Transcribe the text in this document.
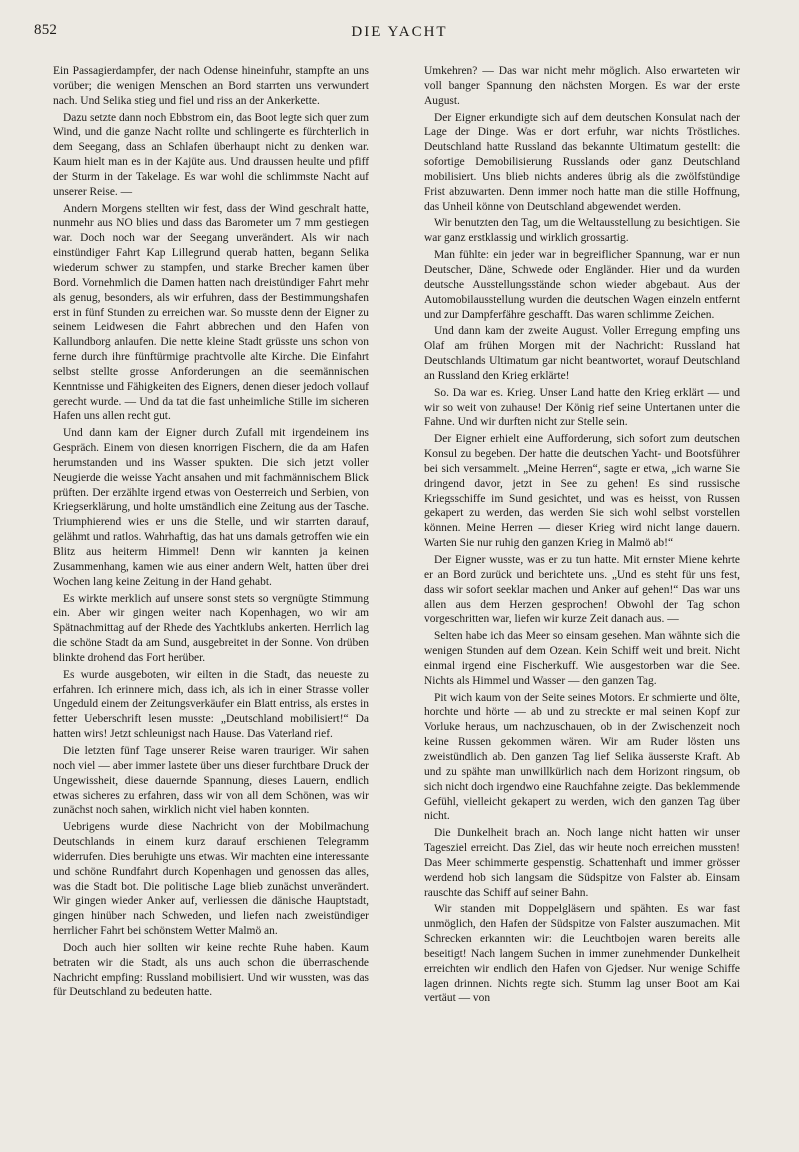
852	DIE YACHT

Ein Passagierdampfer, der nach Odense hineinfuhr, stampfte an uns vorüber; die wenigen Menschen an Bord starrten uns verwundert nach. Und Selika stieg und fiel und riss an der Ankerkette.

Dazu setzte dann noch Ebbstrom ein, das Boot legte sich quer zum Wind, und die ganze Nacht rollte und schlingerte es fürchterlich in dem Seegang, dass an Schlafen überhaupt nicht zu denken war. Kaum hielt man es in der Kajüte aus. Und draussen heulte und pfiff der Sturm in der Takelage. Es war wohl die schlimmste Nacht auf unserer Reise. —

Andern Morgens stellten wir fest, dass der Wind geschralt hatte, nunmehr aus NO blies und dass das Barometer um 7 mm gestiegen war. Doch noch war der Seegang unverändert. Als wir nach einstündiger Fahrt Kap Lillegrund querab hatten, begann Selika wiederum schwer zu stampfen, und starke Brecher kamen über Bord. Vornehmlich die Damen hatten nach dreistündiger Fahrt mehr als genug, besonders, als wir erfuhren, dass der Bestimmungshafen erst in fünf Stunden zu erreichen war. So musste denn der Eigner zu seinem Leidwesen die Fahrt abbrechen und den Hafen von Kallundborg anlaufen. Die nette kleine Stadt grüsste uns schon von ferne durch ihre fünftürmige prachtvolle alte Kirche. Die Einfahrt selbst stellte grosse Anforderungen an die seemännischen Kenntnisse und Fähigkeiten des Eigners, denen dieser jedoch vollauf gerecht wurde. — Und da tat die fast unheimliche Stille im sicheren Hafen uns allen recht gut.

Und dann kam der Eigner durch Zufall mit irgendeinem ins Gespräch. Einem von diesen knorrigen Fischern, die da am Hafen herumstanden und ins Wasser spukten. Die sich jetzt voller Neugierde die weisse Yacht ansahen und mit fachmännischem Blick prüften. Der erzählte irgend etwas von Oesterreich und Serbien, von Kriegserklärung, und holte umständlich eine Zeitung aus der Tasche. Triumphierend wies er uns die Stelle, und wir starrten darauf, gelähmt und ratlos. Wahrhaftig, das hat uns damals getroffen wie ein Blitz aus heiterm Himmel! Denn wir kannten ja keinen Zusammenhang, kamen wie aus einer andern Welt, hatten über drei Wochen lang keine Zeitung in der Hand gehabt.

Es wirkte merklich auf unsere sonst stets so vergnügte Stimmung ein. Aber wir gingen weiter nach Kopenhagen, wo wir am Spätnachmittag auf der Rhede des Yachtklubs ankerten. Herrlich lag die schöne Stadt da am Sund, ausgebreitet in der Sonne. Von drüben blinkte drohend das Fort herüber.

Es wurde ausgeboten, wir eilten in die Stadt, das neueste zu erfahren. Ich erinnere mich, dass ich, als ich in einer Strasse voller Ungeduld einem der Zeitungsverkäufer ein Blatt entriss, als erstes in fetter Ueberschrift lesen musste: „Deutschland mobilisiert!“ Da hatten wirs! Jetzt schleunigst nach Hause. Das Vaterland rief.

Die letzten fünf Tage unserer Reise waren trauriger. Wir sahen noch viel — aber immer lastete über uns dieser furchtbare Druck der Ungewissheit, diese dauernde Spannung, dieses Lauern, endlich etwas sicheres zu erfahren, dass wir von all dem Schönen, was wir zunächst noch sahen, wirklich nicht viel haben konnten.

Uebrigens wurde diese Nachricht von der Mobilmachung Deutschlands in einem kurz darauf erschienen Telegramm widerrufen. Dies beruhigte uns etwas. Wir machten eine interessante und schöne Rundfahrt durch Kopenhagen und genossen das alles, was die Stadt bot. Die politische Lage blieb zunächst unverändert. Wir gingen wieder Anker auf, verliessen die dänische Hauptstadt, gingen hinüber nach Schweden, und liefen nach zweistündiger herrlicher Fahrt bei schönstem Wetter Malmö an.

Doch auch hier sollten wir keine rechte Ruhe haben. Kaum betraten wir die Stadt, als uns auch schon die überraschende Nachricht empfing: Russland mobilisiert. Und wir wussten, was das für Deutschland zu bedeuten hatte.

Umkehren? — Das war nicht mehr möglich. Also erwarteten wir voll banger Spannung den nächsten Morgen. Es war der erste August.

Der Eigner erkundigte sich auf dem deutschen Konsulat nach der Lage der Dinge. Was er dort erfuhr, war nichts Tröstliches. Deutschland hatte Russland das bekannte Ultimatum gestellt: die sofortige Demobilisierung Russlands oder ganz Deutschland mobilisiert. Uns blieb nichts anderes übrig als die zwölfstündige Frist abzuwarten. Denn immer noch hatte man die stille Hoffnung, das Unheil könne von Deutschland abgewendet werden.

Wir benutzten den Tag, um die Weltausstellung zu besichtigen. Sie war ganz erstklassig und wirklich grossartig.

Man fühlte: ein jeder war in begreiflicher Spannung, war er nun Deutscher, Däne, Schwede oder Engländer. Hier und da wurden deutsche Ausstellungsstände schon wieder abgebaut. Aus der Automobilausstellung wurden die deutschen Wagen einzeln entfernt und zur Dampferfähre geschafft. Das waren schlimme Zeichen.

Und dann kam der zweite August. Voller Erregung empfing uns Olaf am frühen Morgen mit der Nachricht: Russland hat Deutschlands Ultimatum gar nicht beantwortet, worauf Deutschland an Russland den Krieg erklärte!

So. Da war es. Krieg. Unser Land hatte den Krieg erklärt — und wir so weit von zuhause! Der König rief seine Untertanen unter die Fahne. Und wir durften nicht zur Stelle sein.

Der Eigner erhielt eine Aufforderung, sich sofort zum deutschen Konsul zu begeben. Der hatte die deutschen Yacht- und Bootsführer bei sich versammelt. „Meine Herren“, sagte er etwa, „ich warne Sie dringend davor, jetzt in See zu gehen! Es sind russische Kriegsschiffe im Sund gesichtet, und was es heisst, von Russen gekapert zu werden, das werden Sie sich wohl selbst vorstellen können. Meine Herren — dieser Krieg wird nicht lange dauern. Warten Sie nur ruhig den ganzen Krieg in Malmö ab!“

Der Eigner wusste, was er zu tun hatte. Mit ernster Miene kehrte er an Bord zurück und berichtete uns. „Und es steht für uns fest, dass wir sofort seeklar machen und Anker auf gehen!“ Das war uns allen aus dem Herzen gesprochen! Obwohl der Tag schon vorgeschritten war, liefen wir kurze Zeit danach aus. —

Selten habe ich das Meer so einsam gesehen. Man wähnte sich die wenigen Stunden auf dem Ozean. Kein Schiff weit und breit. Nicht einmal irgend eine Fischerkuff. Wie ausgestorben war die See. Nichts als Himmel und Wasser — den ganzen Tag.

Pit wich kaum von der Seite seines Motors. Er schmierte und ölte, horchte und hörte — ab und zu streckte er mal seinen Kopf zur Vorluke heraus, um nachzuschauen, ob in der Zwischenzeit noch keine Russen gekommen wären. Wir am Ruder lösten uns zweistündlich ab. Den ganzen Tag lief Selika äusserste Kraft. Ab und zu spähte man unwillkürlich nach dem Horizont ringsum, ob sich nicht doch irgendwo eine Rauchfahne zeigte. Das beklemmende Gefühl, vielleicht gekapert zu werden, wich den ganzen Tag über nicht.

Die Dunkelheit brach an. Noch lange nicht hatten wir unser Tagesziel erreicht. Das Ziel, das wir heute noch erreichen mussten! Das Meer schimmerte gespenstig. Schattenhaft und immer grösser werdend hob sich langsam die Südspitze von Falster ab. Einsam rauschte das Schiff auf seiner Bahn.

Wir standen mit Doppelgläsern und spähten. Es war fast unmöglich, den Hafen der Südspitze von Falster auszumachen. Mit Schrecken erkannten wir: die Leuchtbojen waren bereits alle beseitigt! Nach langem Suchen in immer zunehmender Dunkelheit erreichten wir endlich den Hafen von Gjedser. Nur wenige Schiffe lagen drinnen. Nichts regte sich. Stumm lag unser Boot am Kai vertäut — von
